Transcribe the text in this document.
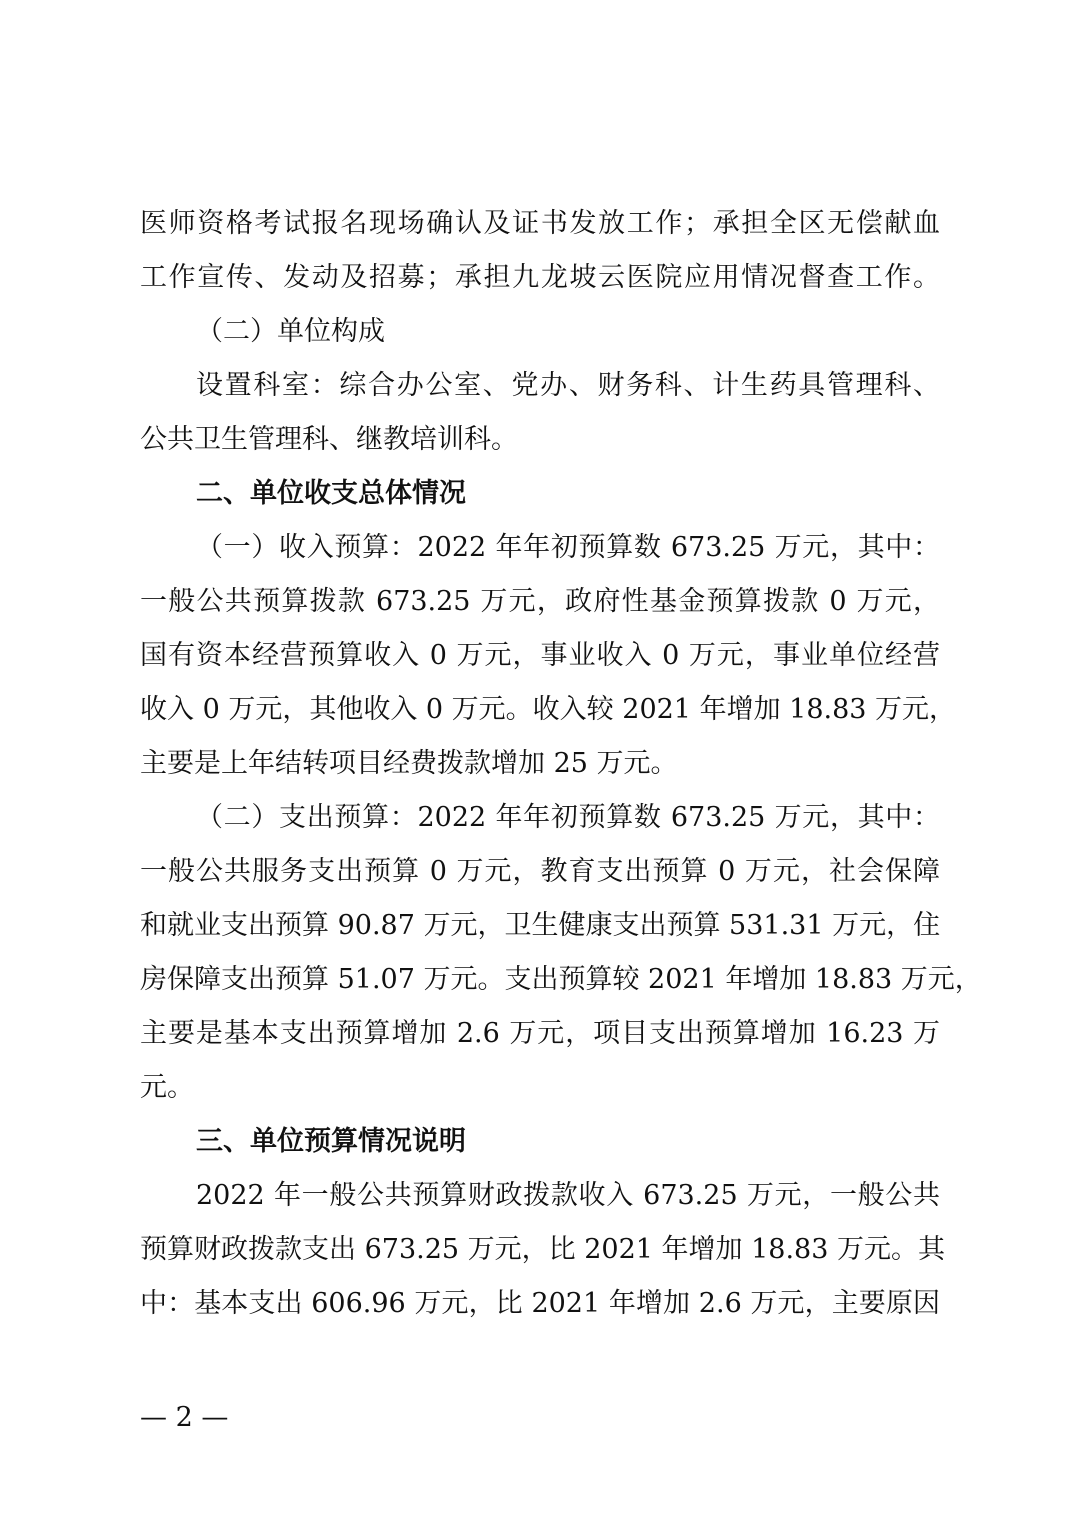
医师资格考试报名现场确认及证书发放工作；承担全区无偿献血
工作宣传、发动及招募；承担九龙坡云医院应用情况督查工作。
（二）单位构成
设置科室：综合办公室、党办、财务科、计生药具管理科、
公共卫生管理科、继教培训科。
二、单位收支总体情况
（一）收入预算：2022 年年初预算数 673.25 万元，其中：
一般公共预算拨款 673.25 万元，政府性基金预算拨款 0 万元，
国有资本经营预算收入 0 万元，事业收入 0 万元，事业单位经营
收入 0 万元，其他收入 0 万元。收入较 2021 年增加 18.83 万元，
主要是上年结转项目经费拨款增加 25 万元。
（二）支出预算：2022 年年初预算数 673.25 万元，其中：
一般公共服务支出预算 0 万元，教育支出预算 0 万元，社会保障
和就业支出预算 90.87 万元，卫生健康支出预算 531.31 万元，住
房保障支出预算 51.07 万元。支出预算较 2021 年增加 18.83 万元，
主要是基本支出预算增加 2.6 万元，项目支出预算增加 16.23 万
元。
三、单位预算情况说明
2022 年一般公共预算财政拨款收入 673.25 万元，一般公共
预算财政拨款支出 673.25 万元，比 2021 年增加 18.83 万元。其
中：基本支出 606.96 万元，比 2021 年增加 2.6 万元，主要原因
— 2 —
